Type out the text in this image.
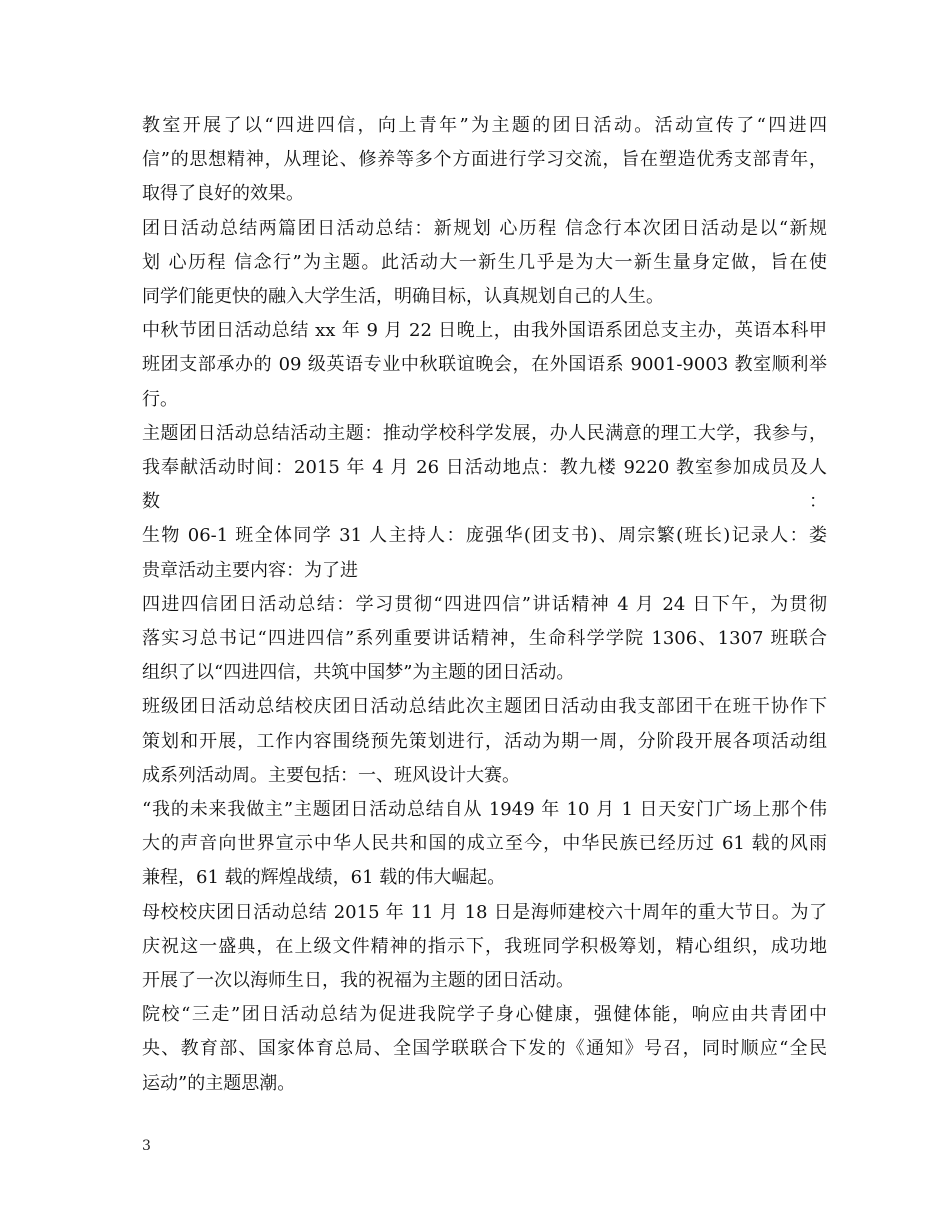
教室开展了以“四进四信，向上青年”为主题的团日活动。活动宣传了“四进四
信”的思想精神，从理论、修养等多个方面进行学习交流，旨在塑造优秀支部青年，
取得了良好的效果。

团日活动总结两篇团日活动总结：新规划 心历程 信念行本次团日活动是以“新规
划 心历程 信念行”为主题。此活动大一新生几乎是为大一新生量身定做，旨在使
同学们能更快的融入大学生活，明确目标，认真规划自己的人生。

中秋节团日活动总结 xx 年 9 月 22 日晚上，由我外国语系团总支主办，英语本科甲
班团支部承办的 09 级英语专业中秋联谊晚会，在外国语系 9001-9003 教室顺利举
行。

主题团日活动总结活动主题：推动学校科学发展，办人民满意的理工大学，我参与，
我奉献活动时间：2015 年 4 月 26 日活动地点：教九楼 9220 教室参加成员及人数：
生物 06-1 班全体同学 31 人主持人：庞强华(团支书)、周宗繁(班长)记录人：娄
贵章活动主要内容：为了进

四进四信团日活动总结：学习贯彻“四进四信”讲话精神 4 月 24 日下午，为贯彻
落实习总书记“四进四信”系列重要讲话精神，生命科学学院 1306、1307 班联合
组织了以“四进四信，共筑中国梦”为主题的团日活动。

班级团日活动总结校庆团日活动总结此次主题团日活动由我支部团干在班干协作下
策划和开展，工作内容围绕预先策划进行，活动为期一周，分阶段开展各项活动组
成系列活动周。主要包括：一、班风设计大赛。

“我的未来我做主”主题团日活动总结自从 1949 年 10 月 1 日天安门广场上那个伟
大的声音向世界宣示中华人民共和国的成立至今，中华民族已经历过 61 载的风雨
兼程，61 载的辉煌战绩，61 载的伟大崛起。

母校校庆团日活动总结 2015 年 11 月 18 日是海师建校六十周年的重大节日。为了
庆祝这一盛典，在上级文件精神的指示下，我班同学积极筹划，精心组织，成功地
开展了一次以海师生日，我的祝福为主题的团日活动。

院校“三走”团日活动总结为促进我院学子身心健康，强健体能，响应由共青团中
央、教育部、国家体育总局、全国学联联合下发的《通知》号召，同时顺应“全民
运动”的主题思潮。

3
